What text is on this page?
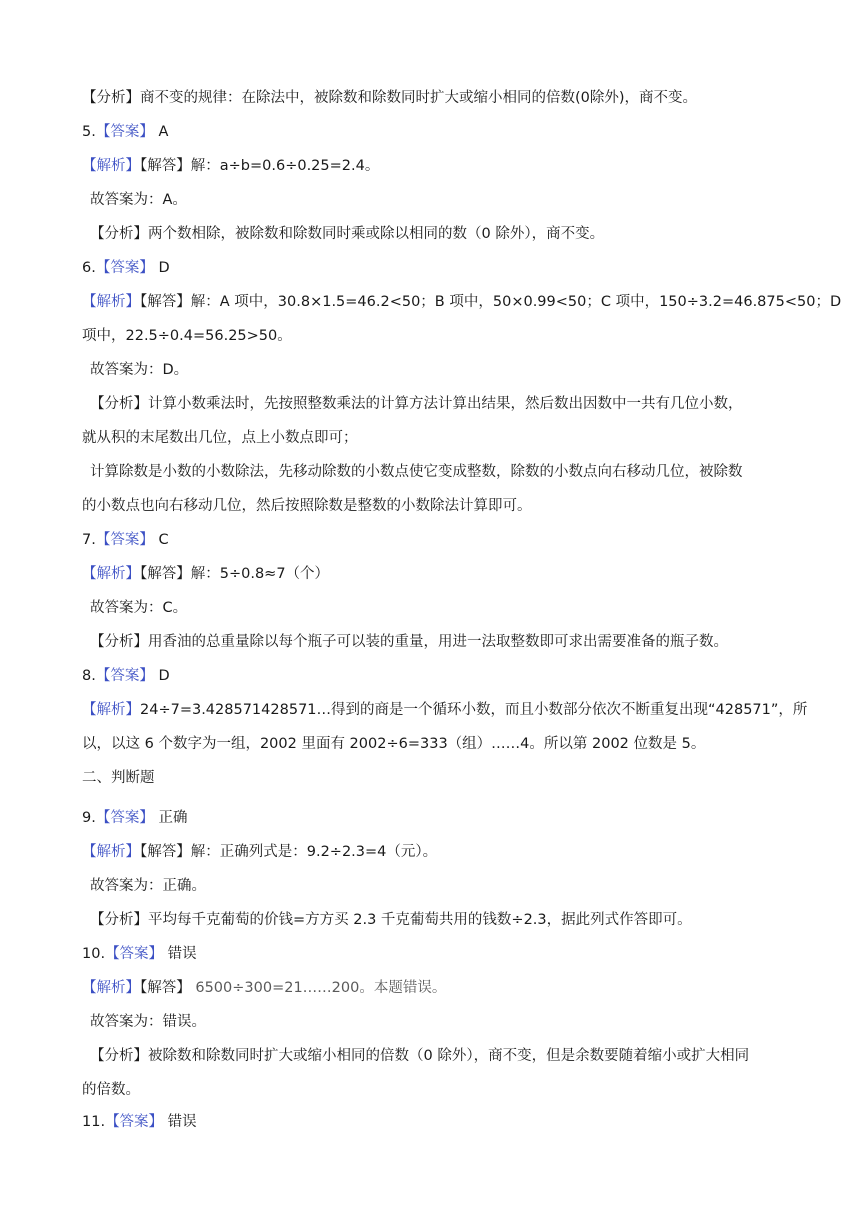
【分析】商不变的规律：在除法中，被除数和除数同时扩大或缩小相同的倍数(0除外)，商不变。
5.【答案】 A
【解析】【解答】解：a÷b=0.6÷0.25=2.4。
故答案为：A。
【分析】两个数相除，被除数和除数同时乘或除以相同的数（0 除外），商不变。
6.【答案】 D
【解析】【解答】解：A 项中，30.8×1.5=46.2<50；B 项中，50×0.99<50；C 项中，150÷3.2=46.875<50；D
项中，22.5÷0.4=56.25>50。
故答案为：D。
【分析】计算小数乘法时，先按照整数乘法的计算方法计算出结果，然后数出因数中一共有几位小数，
就从积的末尾数出几位，点上小数点即可；
计算除数是小数的小数除法，先移动除数的小数点使它变成整数，除数的小数点向右移动几位，被除数
的小数点也向右移动几位，然后按照除数是整数的小数除法计算即可。
7.【答案】 C
【解析】【解答】解：5÷0.8≈7（个）
故答案为：C。
【分析】用香油的总重量除以每个瓶子可以装的重量，用进一法取整数即可求出需要准备的瓶子数。
8.【答案】 D
【解析】24÷7=3.428571428571…得到的商是一个循环小数，而且小数部分依次不断重复出现“428571”，所
以，以这 6 个数字为一组，2002 里面有 2002÷6=333（组）……4。所以第 2002 位数是 5。
二、判断题
9.【答案】 正确
【解析】【解答】解：正确列式是：9.2÷2.3=4（元）。
故答案为：正确。
【分析】平均每千克葡萄的价钱=方方买 2.3 千克葡萄共用的钱数÷2.3，据此列式作答即可。
10.【答案】 错误
【解析】【解答】 6500÷300=21……200。本题错误。
故答案为：错误。
【分析】被除数和除数同时扩大或缩小相同的倍数（0 除外），商不变，但是余数要随着缩小或扩大相同
的倍数。
11.【答案】 错误
